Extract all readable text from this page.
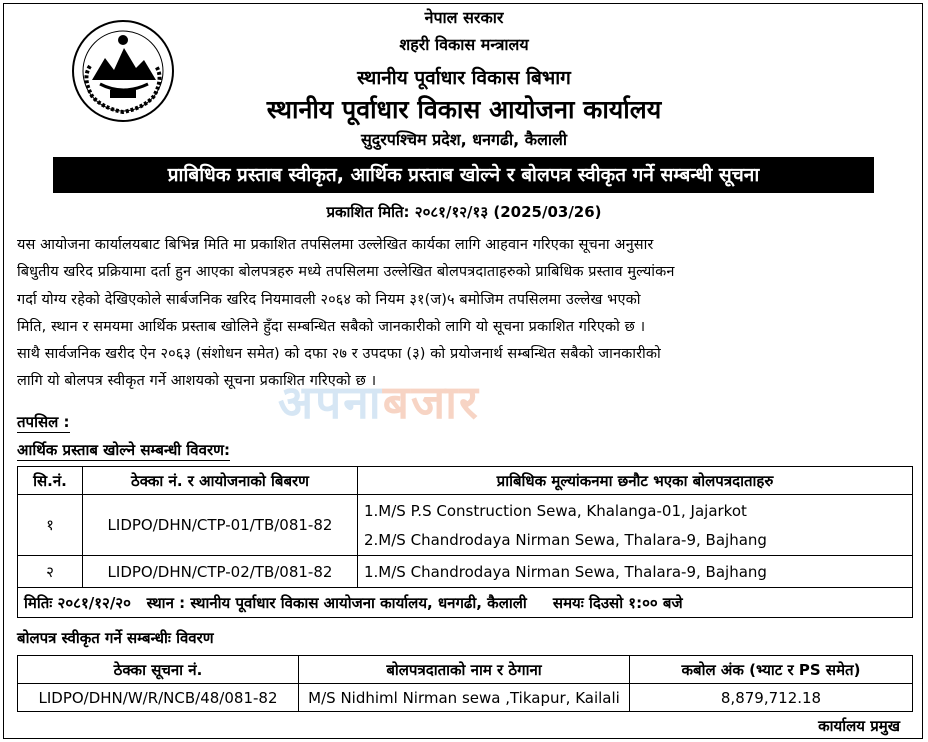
नेपाल सरकार
शहरी विकास मन्त्रालय
स्थानीय पूर्वाधार विकास बिभाग
स्थानीय पूर्वाधार विकास आयोजना कार्यालय
सुदुरपश्चिम प्रदेश, धनगढी, कैलाली
प्राबिधिक प्रस्ताब स्वीकृत, आर्थिक प्रस्ताब खोल्ने र बोलपत्र स्वीकृत गर्ने सम्बन्धी सूचना
प्रकाशित मिति: २०८१/१२/१३ (2025/03/26)
अपनाबजार
यस आयोजना कार्यालयबाट बिभिन्न मिति मा प्रकाशित तपसिलमा उल्लेखित कार्यका लागि आहवान गरिएका सूचना अनुसार
बिधुतीय खरिद प्रक्रियामा दर्ता हुन आएका बोलपत्रहरु मध्ये तपसिलमा उल्लेखित बोलपत्रदाताहरुको प्राबिधिक प्रस्ताव मुल्यांकन
गर्दा योग्य रहेको देखिएकोले सार्बजनिक खरिद नियमावली २०६४ को नियम ३१(ज)५ बमोजिम तपसिलमा उल्लेख भएको
मिति, स्थान र समयमा आर्थिक प्रस्ताब खोलिने हुँदा सम्बन्धित सबैको जानकारीको लागि यो सूचना प्रकाशित गरिएको छ ।
साथै सार्वजनिक खरीद ऐन २०६३ (संशोधन समेत) को दफा २७ र उपदफा (३) को प्रयोजनार्थ सम्बन्धित सबैको जानकारीको
लागि यो बोलपत्र स्वीकृत गर्ने आशयको सूचना प्रकाशित गरिएको छ ।
तपसिल :
आर्थिक प्रस्ताब खोल्ने सम्बन्धी विवरण:
सि.नं.	ठेक्का नं. र आयोजनाको बिबरण	प्राबिधिक मूल्यांकनमा छनौट भएका बोलपत्रदाताहरु
१	LIDPO/DHN/CTP-01/TB/081-82	1.M/S P.S Construction Sewa, Khalanga-01, Jajarkot
2.M/S Chandrodaya Nirman Sewa, Thalara-9, Bajhang

२	LIDPO/DHN/CTP-02/TB/081-82	1.M/S Chandrodaya Nirman Sewa, Thalara-9, Bajhang

मितिः २०८१/१२/२०   स्थान : स्थानीय पूर्वाधार विकास आयोजना कार्यालय, धनगढी, कैलाली     समयः दिउसो १:०० बजे		
बोलपत्र स्वीकृत गर्ने सम्बन्धीः विवरण
ठेक्का सूचना नं.	बोलपत्रदाताको नाम र ठेगाना	कबोल अंक (भ्याट र PS समेत)
LIDPO/DHN/W/R/NCB/48/081-82	M/S Nidhiml Nirman sewa ,Tikapur, Kailali	8,879,712.18
कार्यालय प्रमुख
